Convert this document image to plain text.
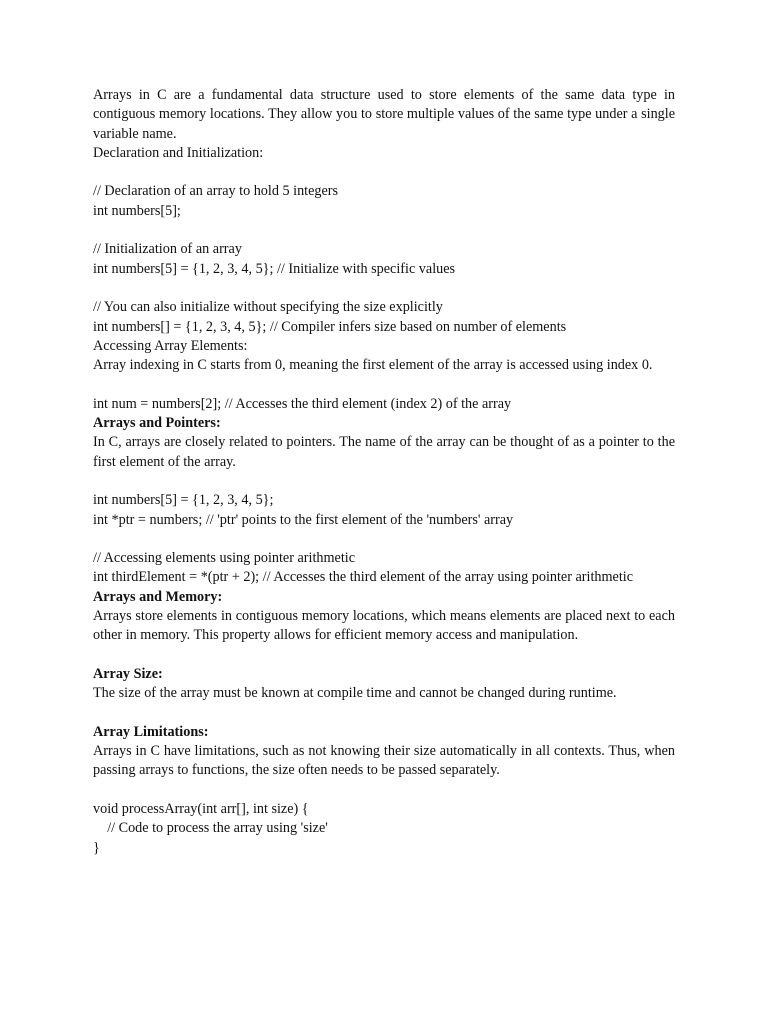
Arrays in C are a fundamental data structure used to store elements of the same data type in contiguous memory locations. They allow you to store multiple values of the same type under a single variable name.
Declaration and Initialization:
// Declaration of an array to hold 5 integers
int numbers[5];
// Initialization of an array
int numbers[5] = {1, 2, 3, 4, 5}; // Initialize with specific values
// You can also initialize without specifying the size explicitly
int numbers[] = {1, 2, 3, 4, 5}; // Compiler infers size based on number of elements
Accessing Array Elements:
Array indexing in C starts from 0, meaning the first element of the array is accessed using index 0.
int num = numbers[2]; // Accesses the third element (index 2) of the array
Arrays and Pointers:
In C, arrays are closely related to pointers. The name of the array can be thought of as a pointer to the first element of the array.
int numbers[5] = {1, 2, 3, 4, 5};
int *ptr = numbers; // 'ptr' points to the first element of the 'numbers' array
// Accessing elements using pointer arithmetic
int thirdElement = *(ptr + 2); // Accesses the third element of the array using pointer arithmetic
Arrays and Memory:
Arrays store elements in contiguous memory locations, which means elements are placed next to each other in memory. This property allows for efficient memory access and manipulation.
Array Size:
The size of the array must be known at compile time and cannot be changed during runtime.
Array Limitations:
Arrays in C have limitations, such as not knowing their size automatically in all contexts. Thus, when passing arrays to functions, the size often needs to be passed separately.
void processArray(int arr[], int size) {
// Code to process the array using 'size'
}
